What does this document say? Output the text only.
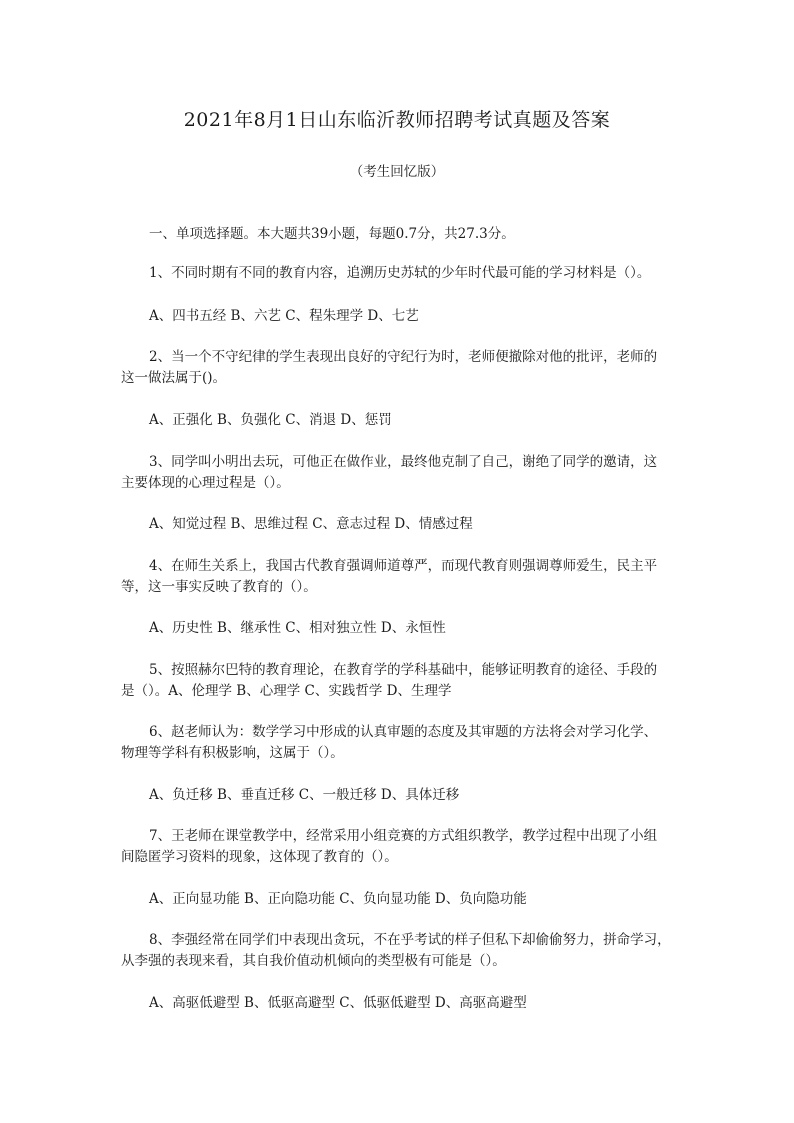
2021年8月1日山东临沂教师招聘考试真题及答案

（考生回忆版）

一、单项选择题。本大题共39小题，每题0.7分，共27.3分。

1、不同时期有不同的教育内容，追溯历史苏轼的少年时代最可能的学习材料是（）。

A、四书五经 B、六艺 C、程朱理学 D、七艺

2、当一个不守纪律的学生表现出良好的守纪行为时，老师便撤除对他的批评，老师的

这一做法属于()。

A、正强化 B、负强化 C、消退 D、惩罚

3、同学叫小明出去玩，可他正在做作业，最终他克制了自己，谢绝了同学的邀请，这

主要体现的心理过程是（）。

A、知觉过程 B、思维过程 C、意志过程 D、情感过程

4、在师生关系上，我国古代教育强调师道尊严，而现代教育则强调尊师爱生，民主平

等，这一事实反映了教育的（）。

A、历史性 B、继承性 C、相对独立性 D、永恒性

5、按照赫尔巴特的教育理论，在教育学的学科基础中，能够证明教育的途径、手段的

是（）。A、伦理学 B、心理学 C、实践哲学 D、生理学

6、赵老师认为：数学学习中形成的认真审题的态度及其审题的方法将会对学习化学、

物理等学科有积极影响，这属于（）。

A、负迁移 B、垂直迁移 C、一般迁移 D、具体迁移

7、王老师在课堂教学中，经常采用小组竞赛的方式组织教学，教学过程中出现了小组

间隐匿学习资料的现象，这体现了教育的（）。

A、正向显功能 B、正向隐功能 C、负向显功能 D、负向隐功能

8、李强经常在同学们中表现出贪玩，不在乎考试的样子但私下却偷偷努力，拼命学习，

从李强的表现来看，其自我价值动机倾向的类型极有可能是（）。

A、高驱低避型 B、低驱高避型 C、低驱低避型 D、高驱高避型
